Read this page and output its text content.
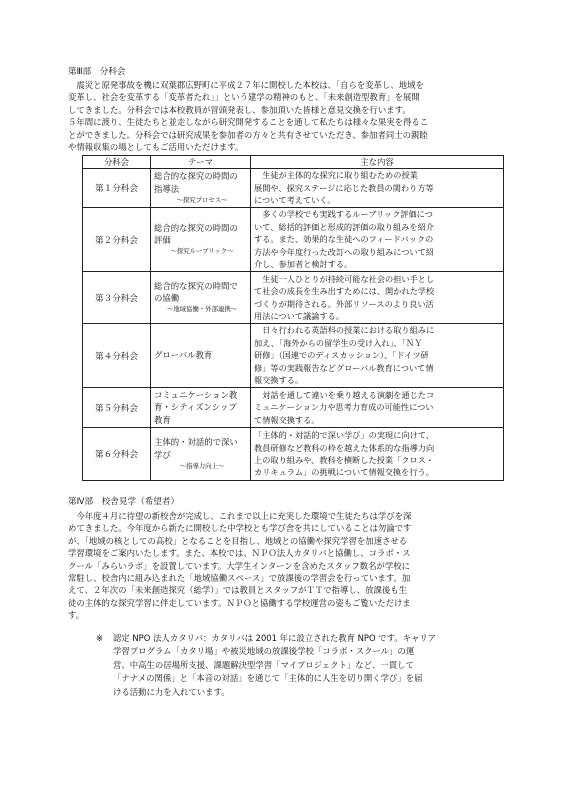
第Ⅲ部　分科会
　震災と原発事故を機に双葉郡広野町に平成２７年に開校した本校は、「自らを変革し、地域を
変革し、社会を変革する「変革者たれ」」という建学の精神のもと、「未来創造型教育」を展開
してきました。分科会では本校教員が冒頭発表し、参加頂いた皆様と意見交換を行います。
５年間に渡り、生徒たちと並走しながら研究開発することを通して私たちは様々な果実を得るこ
とができました。分科会では研究成果を参加者の方々と共有させていただき、参加者同士の親睦
や情報収集の場としてもご活用いただけます。
分科会	テーマ	主な内容
第１分科会	総合的な探究の時間の
指導法
～探究プロセス～	　生徒が主体的な探究に取り組むための授業
展開や、探究ステージに応じた教員の関わり方等
について考えていく。

第２分科会	総合的な探究の時間の
評価
～探究ルーブリック～	　多くの学校でも実践するルーブリック評価につ
いて、総括的評価と形成的評価の取り組みを紹介
する。また、効果的な生徒へのフィードバックの
方法や今年度行った改訂への取り組みについて紹
介し、参加者と検討する。

第３分科会	総合的な探究の時間で
の協働
～地域協働・外部連携～	　生徒一人ひとりが持続可能な社会の担い手とし
て社会の成長を生み出すためには、開かれた学校
づくりが期待される。外部リソースのより良い活
用法について議論する。

第４分科会	グローバル教育	　日々行われる英語科の授業における取り組みに
加え、「海外からの留学生の受け入れ」、「ＮＹ
研修」（国連でのディスカッション）、「ドイツ研
修」等の実践報告などグローバル教育について情
報交換する。

第５分科会	コミュニケーション教
育・シティズンシップ
教育	　対話を通して違いを乗り越える演劇を通じたコ
ミュニケーション力や思考力育成の可能性につい
て情報交換する。

第６分科会	主体的・対話的で深い
学び
～指導力向上～	「主体的・対話的で深い学び」の実現に向けて、
教員研修など教科の枠を越えた体系的な指導力向
上の取り組みや、教科を横断した授業「クロス・
カリキュラム」の挑戦について情報交換を行う。
第Ⅳ部　校舎見学（希望者）
　今年度４月に待望の新校舎が完成し、これまで以上に充実した環境で生徒たちは学びを深
めてきました。今年度から新たに開校した中学校とも学び舎を共にしていることは勿論です
が、「地域の核としての高校」となることを目指し、地域との協働や探究学習を加速させる
学習環境をご案内いたします。また、本校では、ＮＰＯ法人カタリバと協働し、コラボ・ス
クール「みらいラボ」を設置しています。大学生インターンを含めたスタッフ数名が学校に
常駐し、校舎内に組み込まれた「地域協働スペース」で放課後の学習会を行っています。加
えて、２年次の「未来創造探究（総学）」では教員とスタッフがＴＴで指導し、放課後も生
徒の主体的な探究学習に伴走しています。ＮＰＯと協働する学校運営の姿もご覧いただけま
す。
※ 認定 NPO 法人カタリバ：カタリバは 2001 年に設立された教育 NPO です。キャリア
学習プログラム「カタリ場」や被災地域の放課後学校「コラボ・スクール」の運
営、中高生の居場所支援、課題解決型学習「マイプロジェクト」など、一貫して
「ナナメの関係」と「本音の対話」を通じて「主体的に人生を切り開く学び」を届
ける活動に力を入れています。
